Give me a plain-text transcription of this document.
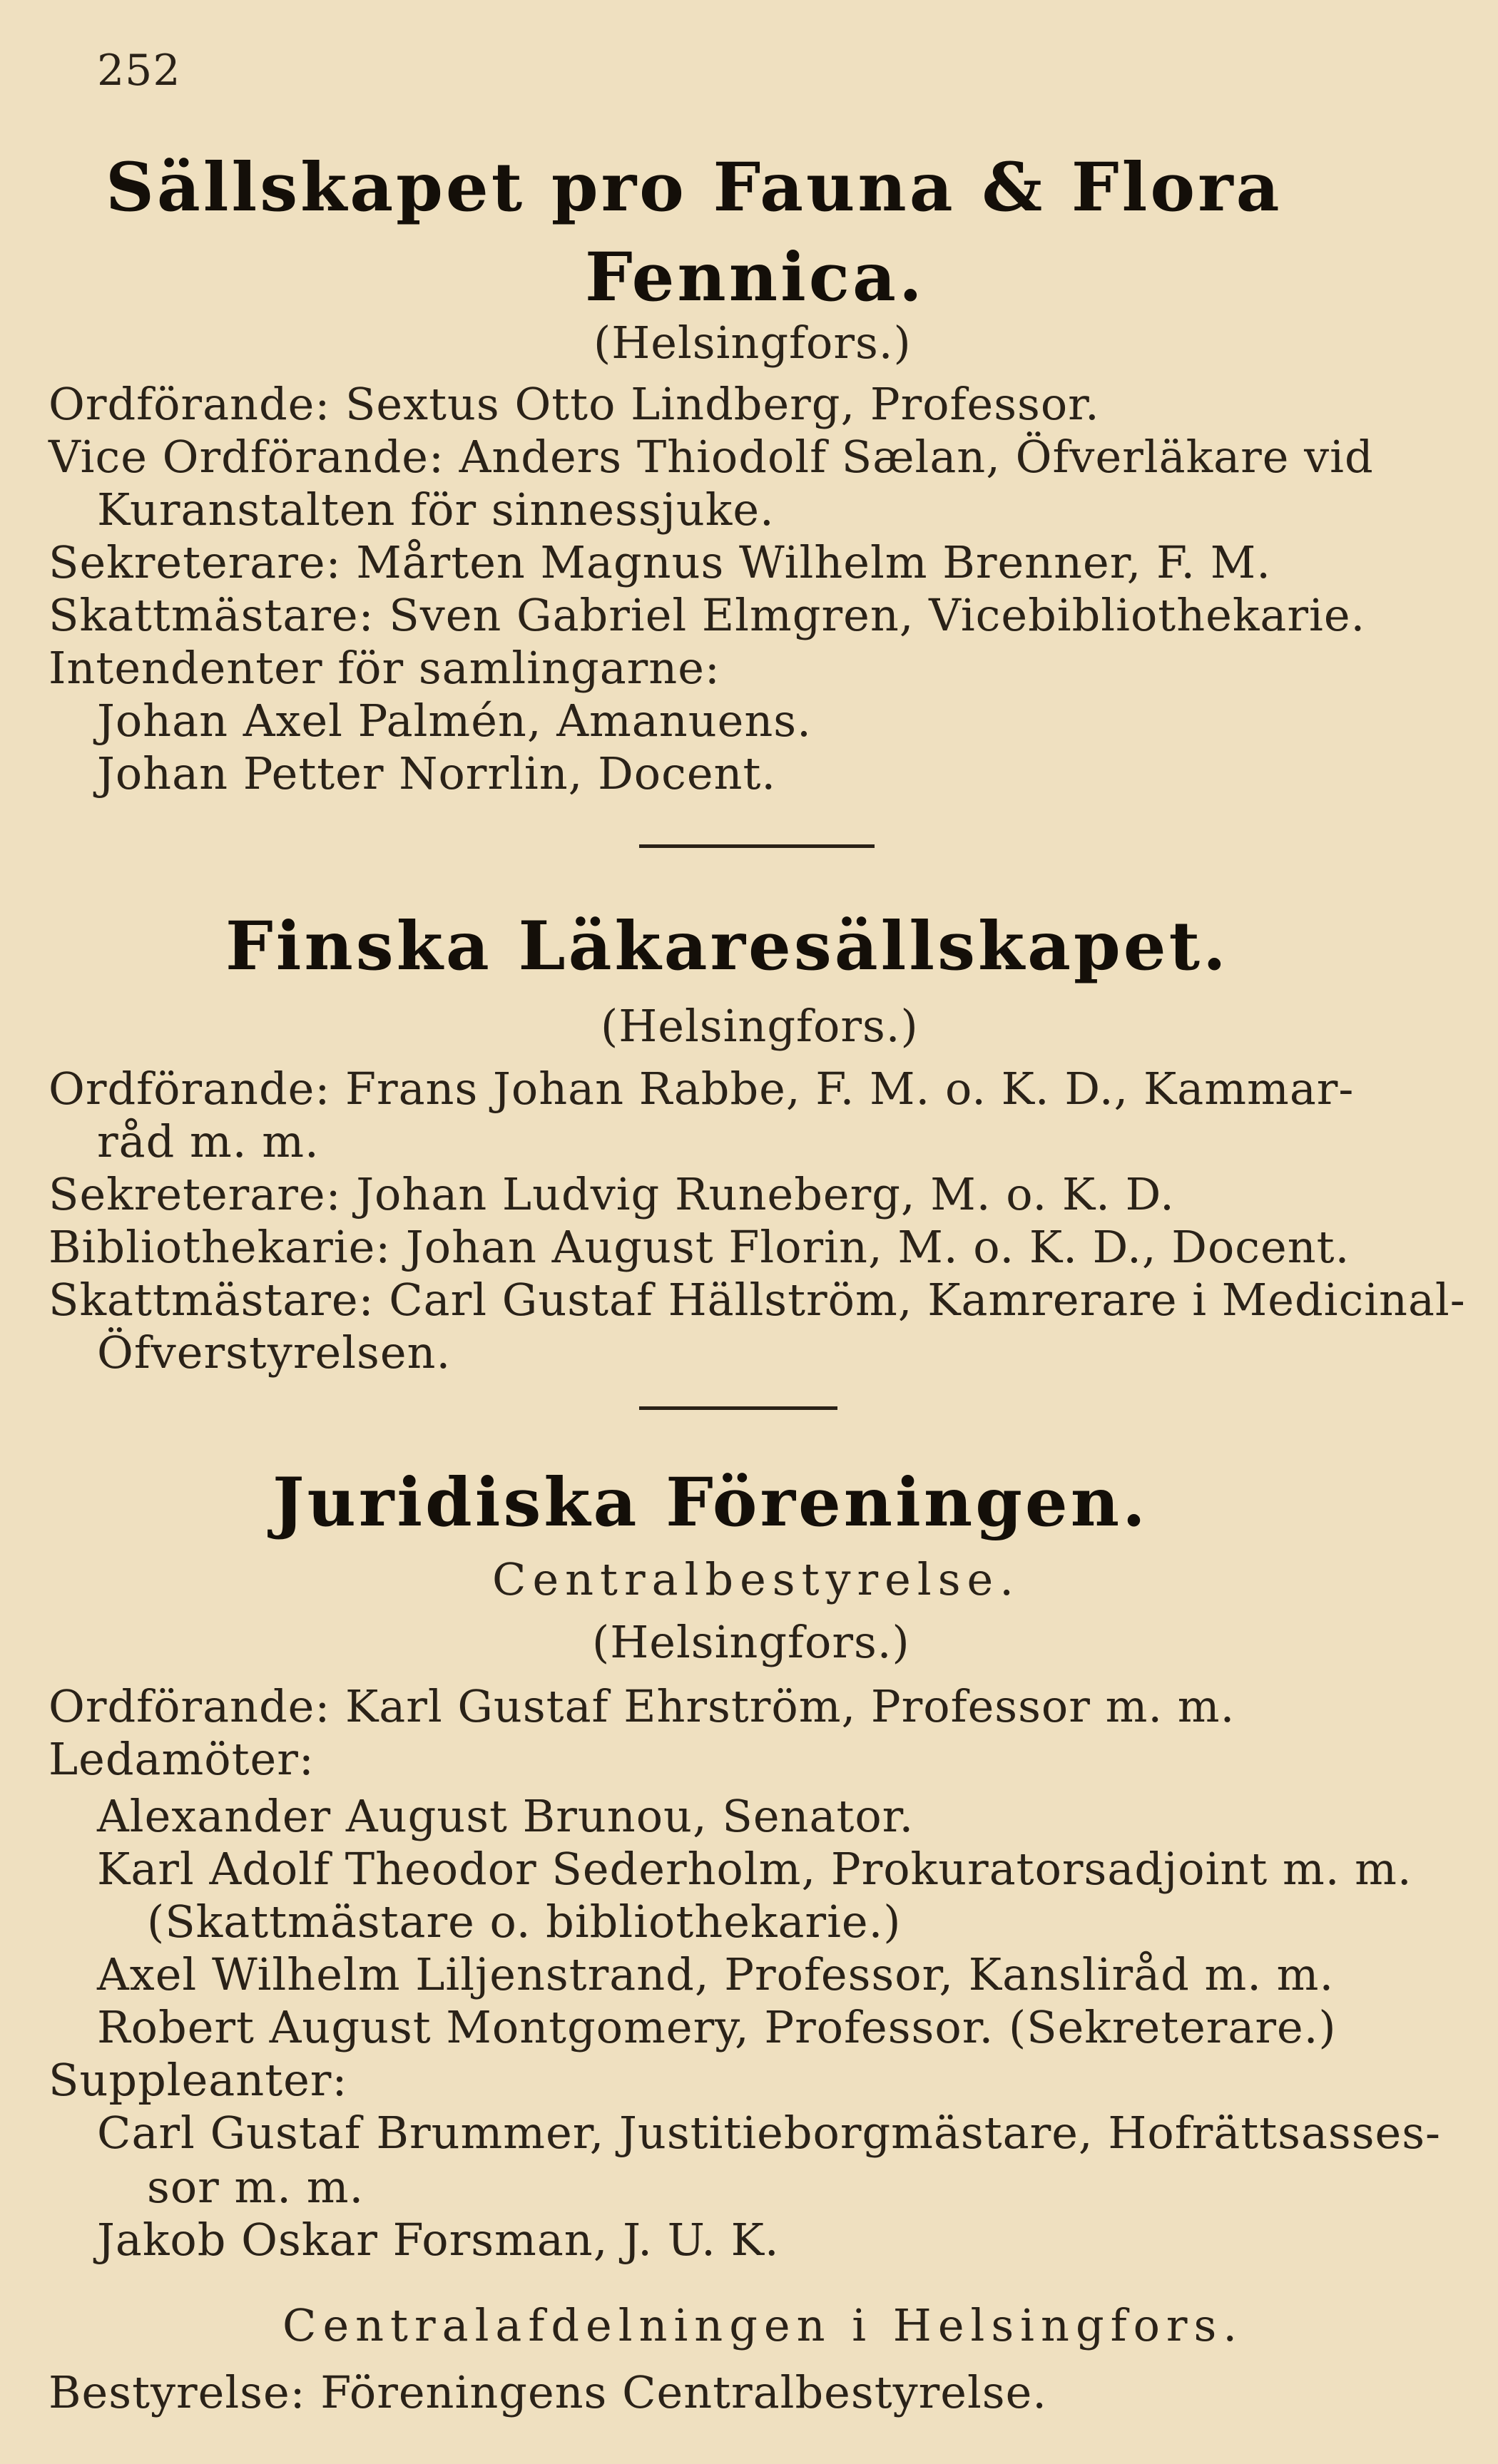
252
Sällskapet pro Fauna & Flora
Fennica.
(Helsingfors.)
Ordförande: Sextus Otto Lindberg, Professor.
Vice Ordförande: Anders Thiodolf Sælan, Öfverläkare vid
Kuranstalten för sinnessjuke.
Sekreterare: Mårten Magnus Wilhelm Brenner, F. M.
Skattmästare: Sven Gabriel Elmgren, Vicebibliothekarie.
Intendenter för samlingarne:
Johan Axel Palmén, Amanuens.
Johan Petter Norrlin, Docent.
Finska Läkaresällskapet.
(Helsingfors.)
Ordförande: Frans Johan Rabbe, F. M. o. K. D., Kammar-
råd m. m.
Sekreterare: Johan Ludvig Runeberg, M. o. K. D.
Bibliothekarie: Johan August Florin, M. o. K. D., Docent.
Skattmästare: Carl Gustaf Hällström, Kamrerare i Medicinal-
Öfverstyrelsen.
Juridiska Föreningen.
Centralbestyrelse.
(Helsingfors.)
Ordförande: Karl Gustaf Ehrström, Professor m. m.
Ledamöter:
Alexander August Brunou, Senator.
Karl Adolf Theodor Sederholm, Prokuratorsadjoint m. m.
(Skattmästare o. bibliothekarie.)
Axel Wilhelm Liljenstrand, Professor, Kansliråd m. m.
Robert August Montgomery, Professor. (Sekreterare.)
Suppleanter:
Carl Gustaf Brummer, Justitieborgmästare, Hofrättsasses-
sor m. m.
Jakob Oskar Forsman, J. U. K.
Centralafdelningen i Helsingfors.
Bestyrelse: Föreningens Centralbestyrelse.
